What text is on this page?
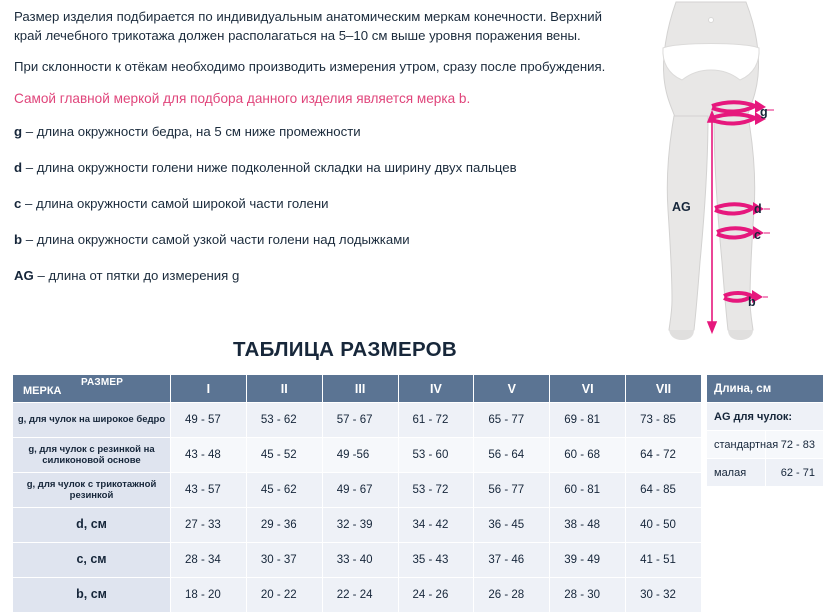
Размер изделия подбирается по индивидуальным анатомическим меркам конечности. Верхний край лечебного трикотажа должен располагаться на 5–10 см выше уровня поражения вены.
При склонности к отёкам необходимо производить измерения утром, сразу после пробуждения.
Самой главной меркой для подбора данного изделия является мерка b.
g – длина окружности бедра, на 5 см ниже промежности
d – длина окружности голени ниже подколенной складки на ширину двух пальцев
c – длина окружности самой широкой части голени
b – длина окружности самой узкой части голени над лодыжками
AG – длина от пятки до измерения g
g
d
c
b
AG
ТАБЛИЦА РАЗМЕРОВ
МЕРКА
РАЗМЕР	I	II	III	IV	V	VI	VII
g, для чулок на широкое бедро	49 - 57	53 - 62	57 - 67	61 - 72	65 - 77	69 - 81	73 - 85
g, для чулок с резинкой на силиконовой основе	43 - 48	45 - 52	49 -56	53 - 60	56 - 64	60 - 68	64 - 72
g, для чулок с трикотажной резинкой	43 - 57	45 - 62	49 - 67	53 - 72	56 - 77	60 - 81	64 - 85
d, см	27 - 33	29 - 36	32 - 39	34 - 42	36 - 45	38 - 48	40 - 50
c, см	28 - 34	30 - 37	33 - 40	35 - 43	37 - 46	39 - 49	41 - 51
b, см	18 - 20	20 - 22	22 - 24	24 - 26	26 - 28	28 - 30	30 - 32
Длина, см	
AG для чулок:	
стандартная	72 - 83
малая	62 - 71
